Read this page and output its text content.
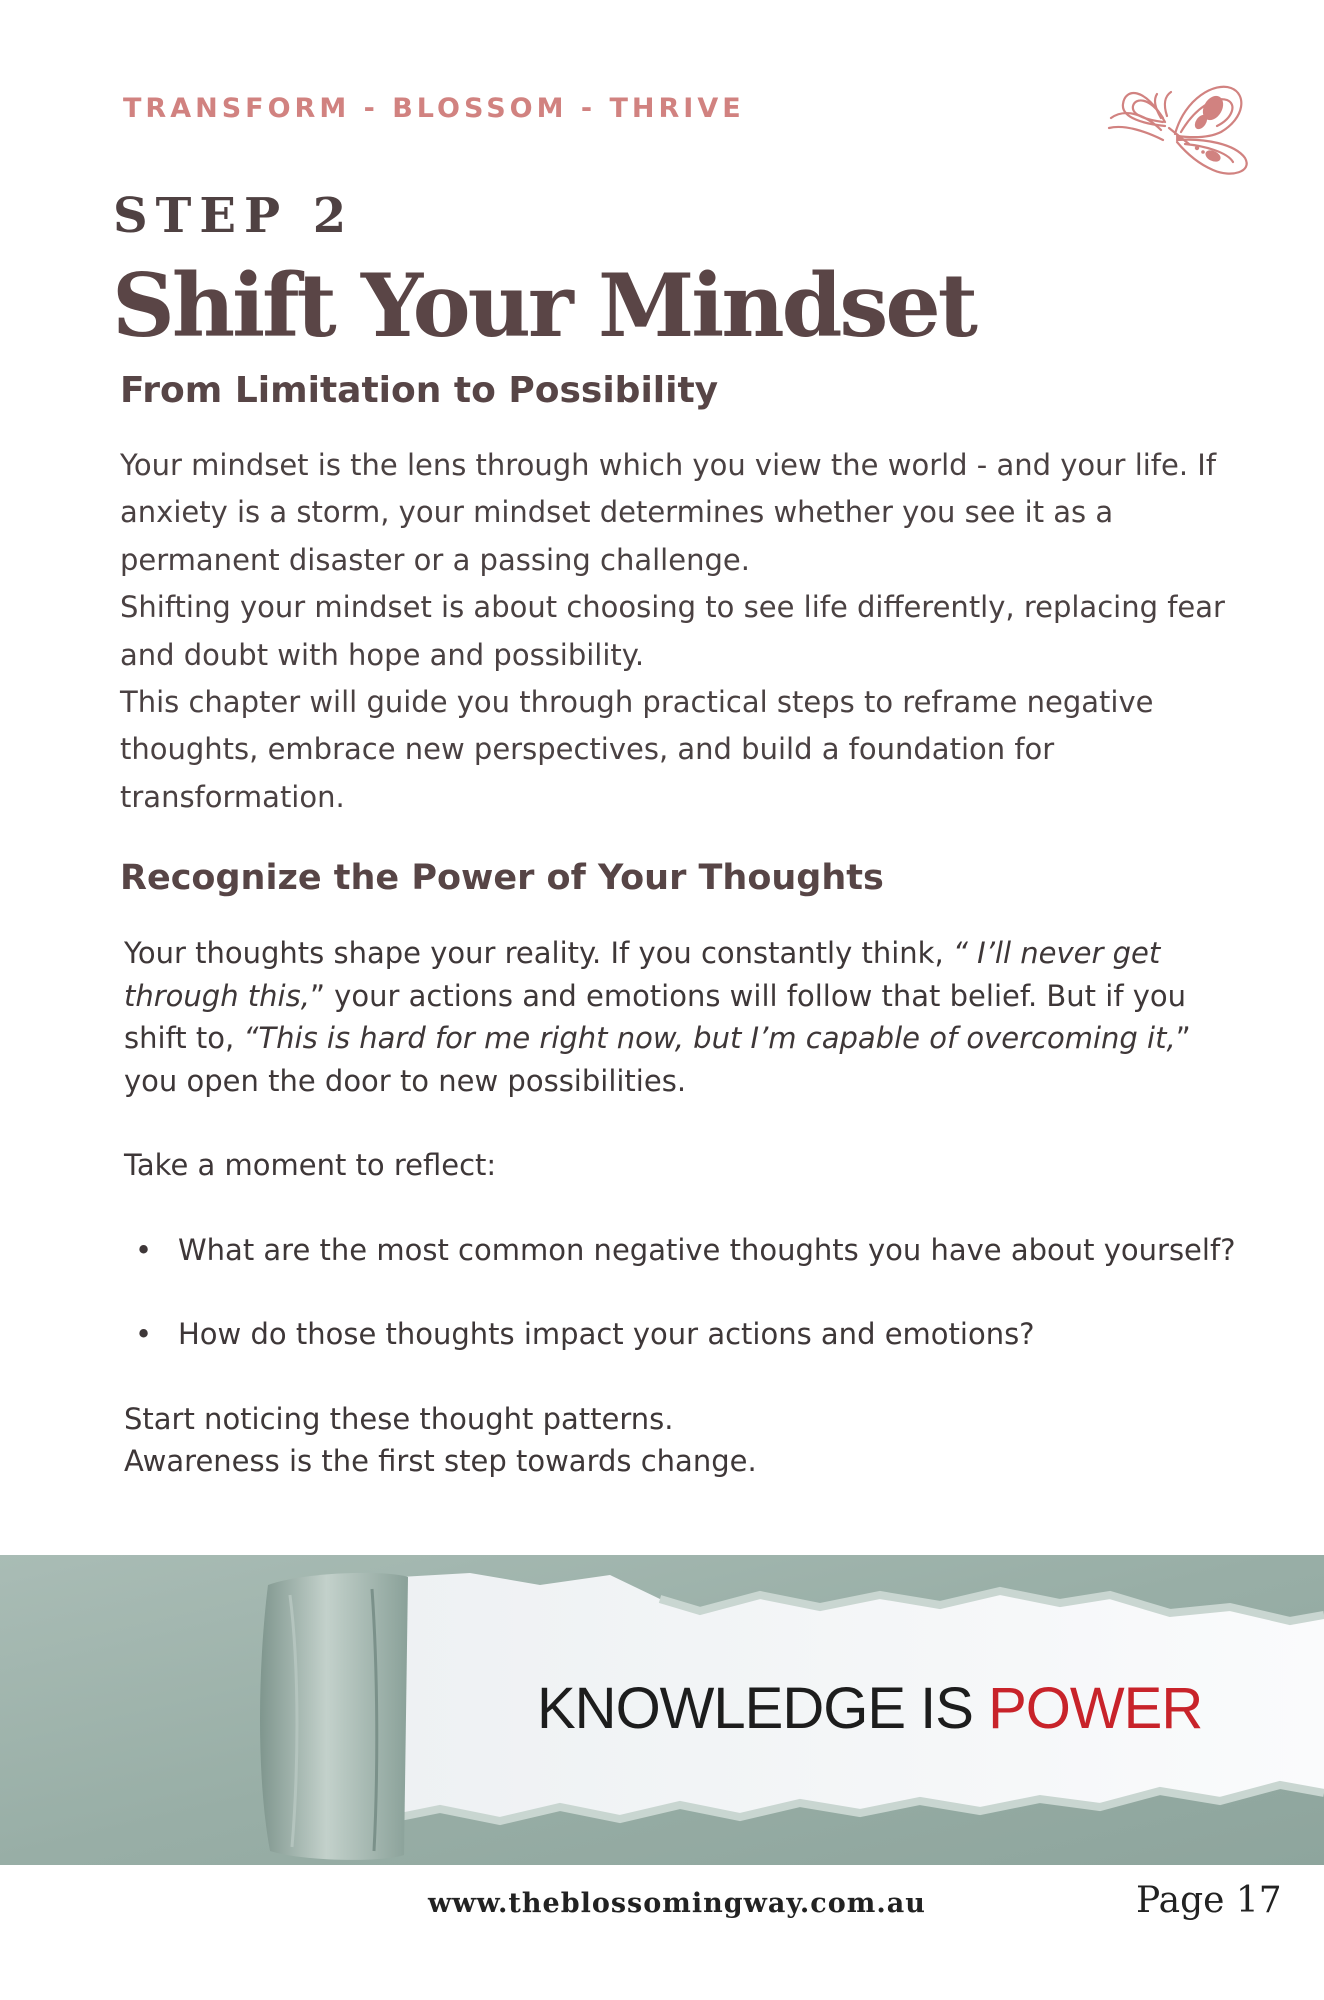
TRANSFORM - BLOSSOM - THRIVE
STEP 2
Shift Your Mindset
From Limitation to Possibility

Your mindset is the lens through which you view the world - and your life. If anxiety is a storm, your mindset determines whether you see it as a permanent disaster or a passing challenge.

Shifting your mindset is about choosing to see life differently, replacing fear and doubt with hope and possibility.

This chapter will guide you through practical steps to reframe negative thoughts, embrace new perspectives, and build a foundation for transformation.

Recognize the Power of Your Thoughts

Your thoughts shape your reality. If you constantly think, “ I’ll never get through this,” your actions and emotions will follow that belief. But if you shift to, “This is hard for me right now, but I’m capable of overcoming it,” you open the door to new possibilities.

Take a moment to reflect:

• What are the most common negative thoughts you have about yourself?
• How do those thoughts impact your actions and emotions?

Start noticing these thought patterns.

Awareness is the first step towards change.

KNOWLEDGE IS POWER
www.theblossomingway.com.au	Page 17
